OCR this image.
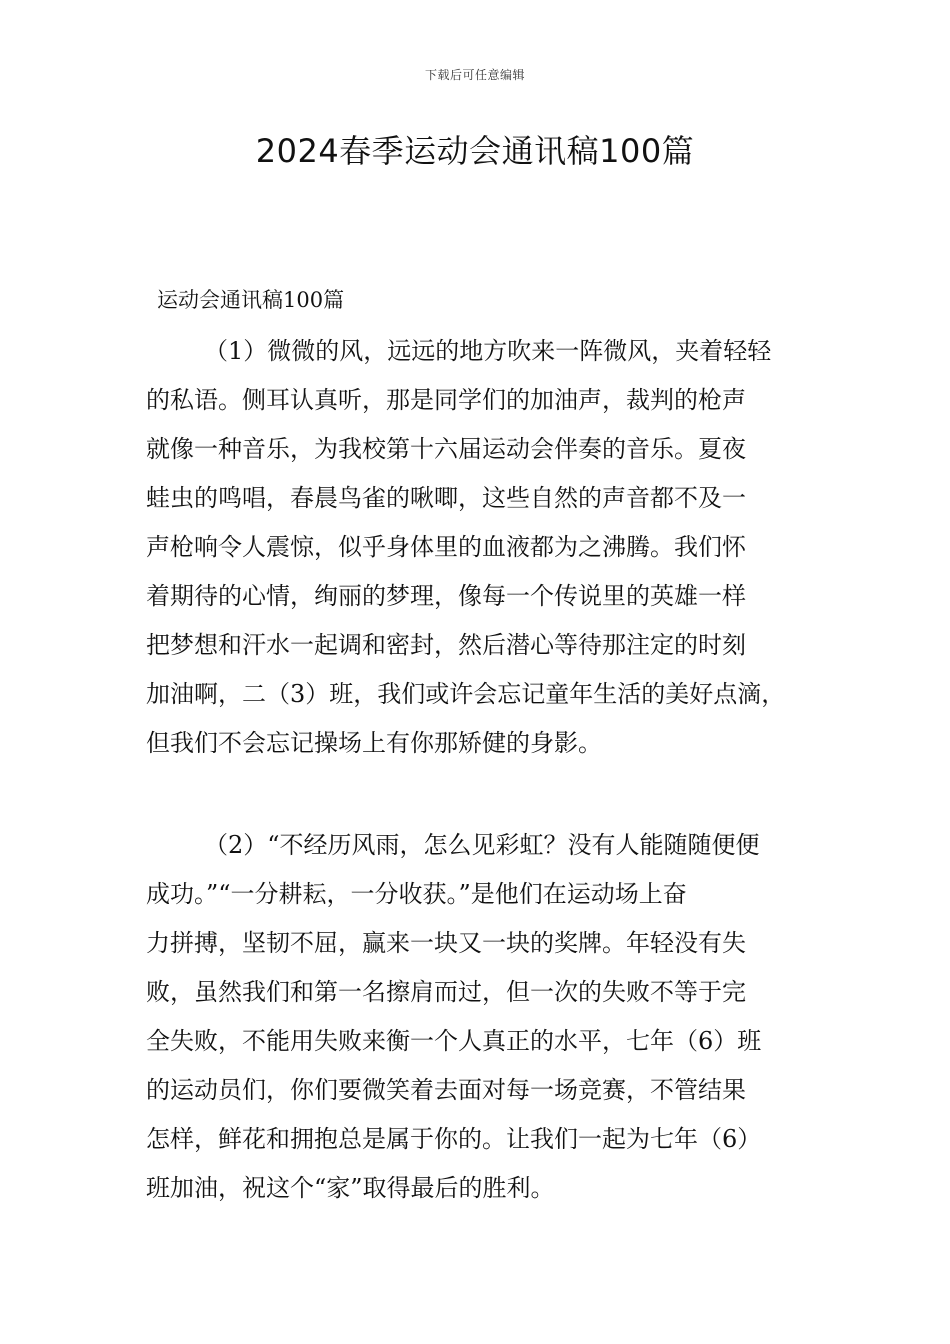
下载后可任意编辑
2024春季运动会通讯稿100篇

运动会通讯稿100篇

（1）微微的风，远远的地方吹来一阵微风，夹着轻轻
的私语。侧耳认真听，那是同学们的加油声，裁判的枪声
就像一种音乐，为我校第十六届运动会伴奏的音乐。夏夜
蛙虫的鸣唱，春晨鸟雀的啾唧，这些自然的声音都不及一
声枪响令人震惊，似乎身体里的血液都为之沸腾。我们怀
着期待的心情，绚丽的梦理，像每一个传说里的英雄一样
把梦想和汗水一起调和密封，然后潜心等待那注定的时刻
加油啊，二（3）班，我们或许会忘记童年生活的美好点滴，
但我们不会忘记操场上有你那矫健的身影。

（2）“不经历风雨，怎么见彩虹？没有人能随随便便
成功。”“一分耕耘，一分收获。”是他们在运动场上奋
力拼搏，坚韧不屈，赢来一块又一块的奖牌。年轻没有失
败，虽然我们和第一名擦肩而过，但一次的失败不等于完
全失败，不能用失败来衡一个人真正的水平，七年（6）班
的运动员们，你们要微笑着去面对每一场竞赛，不管结果
怎样，鲜花和拥抱总是属于你的。让我们一起为七年（6）
班加油，祝这个“家”取得最后的胜利。
